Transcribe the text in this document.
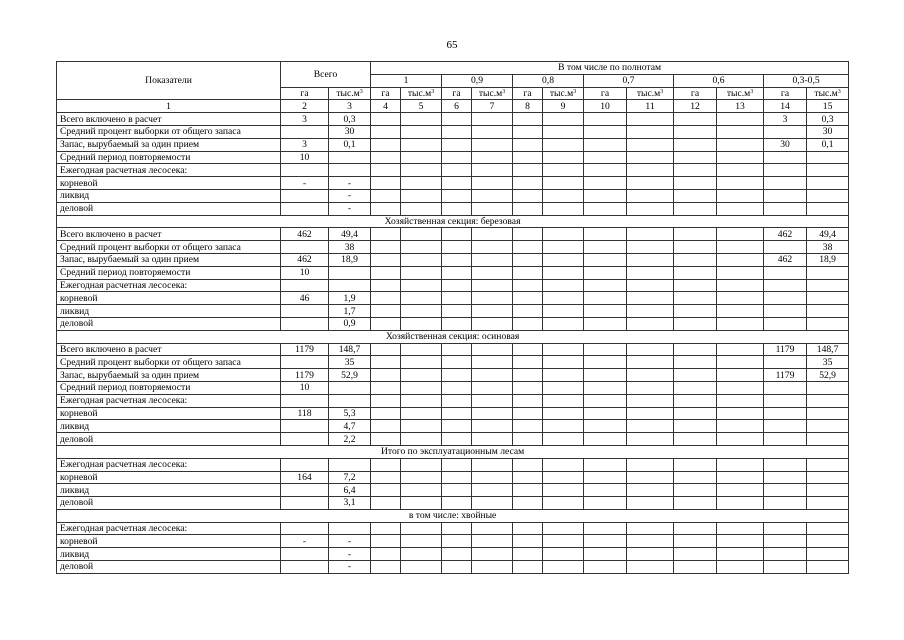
65
Показатели	Всего		В том числе по полнотам											
			1		0,9		0,8		0,7		0,6		0,3-0,5	
	га	$тыс.м^3$	га	$тыс.м^3$	га	$тыс.м^3$	га	$тыс.м^3$	га	$тыс.м^3$	га	$тыс.м^3$	га	$тыс.м^3$
1	2	3	4	5	6	7	8	9	10	11	12	13	14	15
Всего включено в расчет	3	0,3											3	0,3
Средний процент выборки от общего запаса		30												30
Запас, вырубаемый за один прием	3	0,1											30	0,1
Средний период повторяемости	10													
Ежегодная расчетная лесосека:														
корневой	-	-												
ликвид		-												
деловой		-												
Хозяйственная секция: березовая														
Всего включено в расчет	462	49,4											462	49,4
Средний процент выборки от общего запаса		38												38
Запас, вырубаемый за один прием	462	18,9											462	18,9
Средний период повторяемости	10													
Ежегодная расчетная лесосека:														
корневой	46	1,9												
ликвид		1,7												
деловой		0,9												
Хозяйственная секция: осиновая														
Всего включено в расчет	1179	148,7											1179	148,7
Средний процент выборки от общего запаса		35												35
Запас, вырубаемый за один прием	1179	52,9											1179	52,9
Средний период повторяемости	10													
Ежегодная расчетная лесосека:														
корневой	118	5,3												
ликвид		4,7												
деловой		2,2												
Итого по эксплуатационным лесам														
Ежегодная расчетная лесосека:														
корневой	164	7,2												
ликвид		6,4												
деловой		3,1												
в том числе: хвойные														
Ежегодная расчетная лесосека:														
корневой	-	-												
ликвид		-												
деловой		-												
